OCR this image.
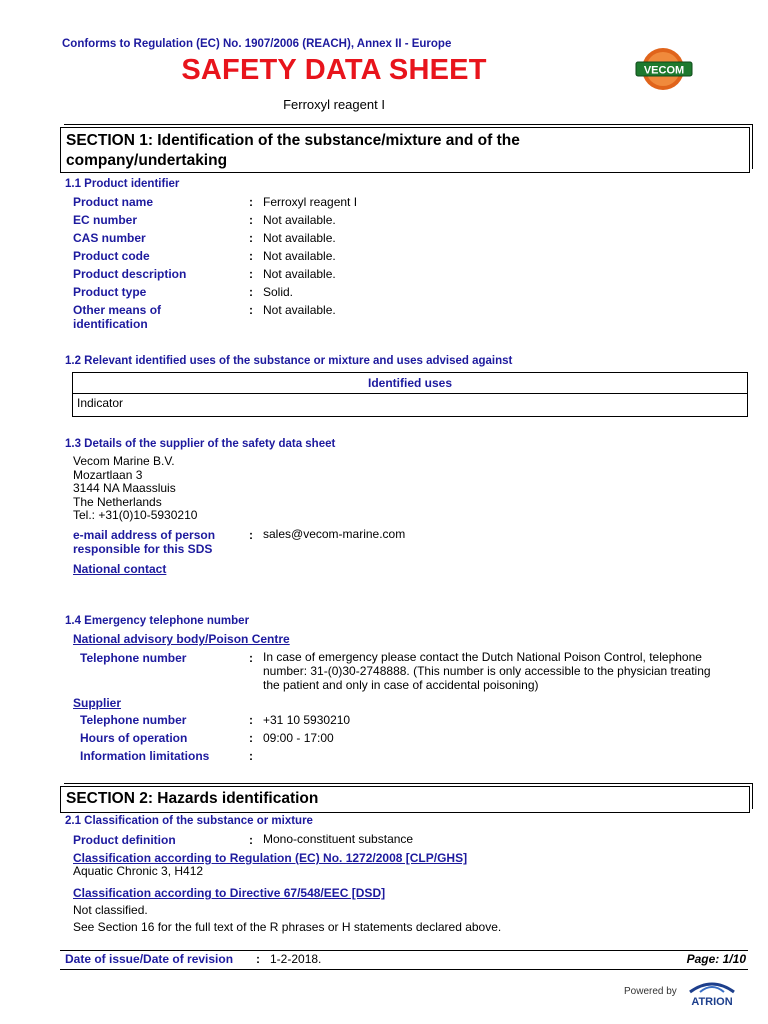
Conforms to Regulation (EC) No. 1907/2006 (REACH), Annex II - Europe
SAFETY DATA SHEET
Ferroxyl reagent I
VECOM
SECTION 1: Identification of the substance/mixture and of the
company/undertaking
1.1 Product identifier
Product name	: Ferroxyl reagent I
EC number	: Not available.
CAS number	: Not available.
Product code	: Not available.
Product description	: Not available.
Product type	: Solid.
Other means of
identification
: Not available.
1.2 Relevant identified uses of the substance or mixture and uses advised against
Identified uses
Indicator
1.3 Details of the supplier of the safety data sheet
Vecom Marine B.V.
Mozartlaan 3
3144 NA Maassluis
The Netherlands
Tel.: +31(0)10-5930210
e-mail address of person
responsible for this SDS
: sales@vecom-marine.com
National contact
1.4 Emergency telephone number
National advisory body/Poison Centre
Telephone number	: In case of emergency please contact the Dutch National Poison Control, telephone
number: 31-(0)30-2748888. (This number is only accessible to the physician treating
the patient and only in case of accidental poisoning)
Supplier
Telephone number	: +31 10 5930210
Hours of operation	: 09:00 - 17:00
Information limitations	:
SECTION 2: Hazards identification
2.1 Classification of the substance or mixture
Product definition	: Mono-constituent substance
Classification according to Regulation (EC) No. 1272/2008 [CLP/GHS]
Aquatic Chronic 3, H412
Classification according to Directive 67/548/EEC [DSD]
Not classified.
See Section 16 for the full text of the R phrases or H statements declared above.
Date of issue/Date of revision : 1-2-2018.	Page: 1/10
Powered by
ATRION
